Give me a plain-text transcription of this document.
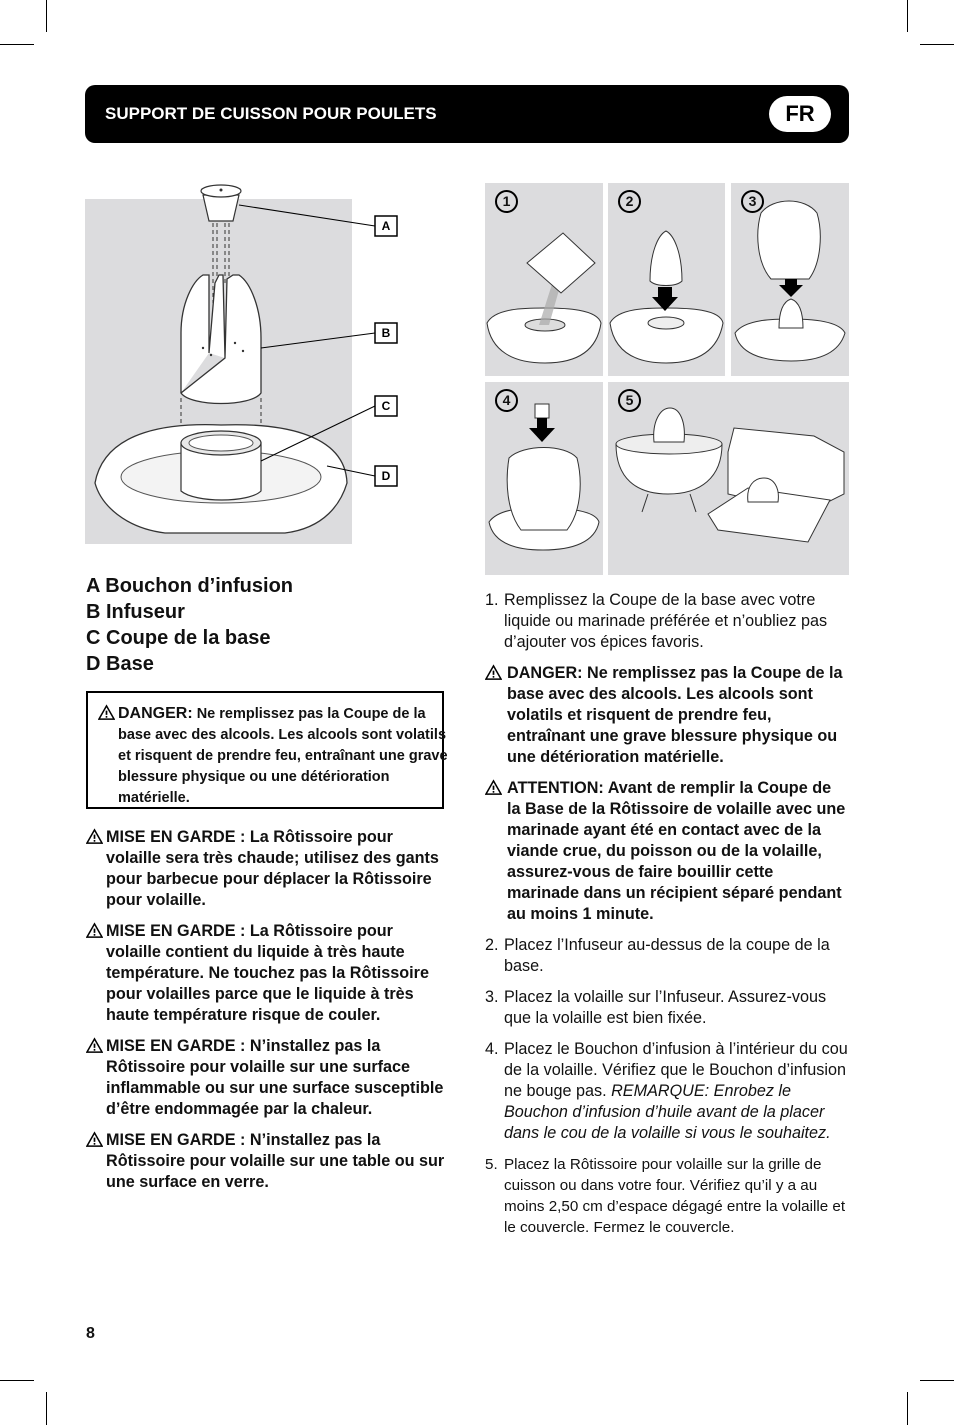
SUPPORT DE CUISSON POUR POULETS	FR
A
B
C
D
A Bouchon d’infusion
B Infuseur
C Coupe de la base
D Base
DANGER: Ne remplissez pas la Coupe de la base avec des alcools. Les alcools sont volatils et risquent de prendre feu, entraînant une grave blessure physique ou une détérioration matérielle.
MISE EN GARDE : La Rôtissoire pour volaille sera très chaude; utilisez des gants pour barbecue pour déplacer la Rôtissoire pour volaille.
MISE EN GARDE : La Rôtissoire pour volaille contient du liquide à très haute température. Ne touchez pas la Rôtissoire pour volailles parce que le liquide à très haute température risque de couler.
MISE EN GARDE : N’installez pas la Rôtissoire pour volaille sur une surface inflammable ou sur une surface susceptible d’être endommagée par la chaleur.
MISE EN GARDE : N’installez pas la Rôtissoire pour volaille sur une table ou sur une surface en verre.
1	2	3
4	5
1. Remplissez la Coupe de la base avec votre liquide ou marinade préférée et n’oubliez pas d’ajouter vos épices favoris.
DANGER: Ne remplissez pas la Coupe de la base avec des alcools. Les alcools sont volatils et risquent de prendre feu, entraînant une grave blessure physique ou une détérioration matérielle.
ATTENTION: Avant de remplir la Coupe de la Base de la Rôtissoire de volaille avec une marinade ayant été en contact avec de la viande crue, du poisson ou de la volaille, assurez-vous de faire bouillir cette marinade dans un récipient séparé pendant au moins 1 minute.
2. Placez l’Infuseur au-dessus de la coupe de la base.
3. Placez la volaille sur l’Infuseur. Assurez-vous que la volaille est bien fixée.
4. Placez le Bouchon d’infusion à l’intérieur du cou de la volaille. Vérifiez que le Bouchon d’infusion ne bouge pas. REMARQUE: Enrobez le Bouchon d’infusion d’huile avant de la placer dans le cou de la volaille si vous le souhaitez.
5. Placez la Rôtissoire pour volaille sur la grille de cuisson ou dans votre four. Vérifiez qu’il y a au moins 2,50 cm d’espace dégagé entre la volaille et le couvercle. Fermez le couvercle.
8
